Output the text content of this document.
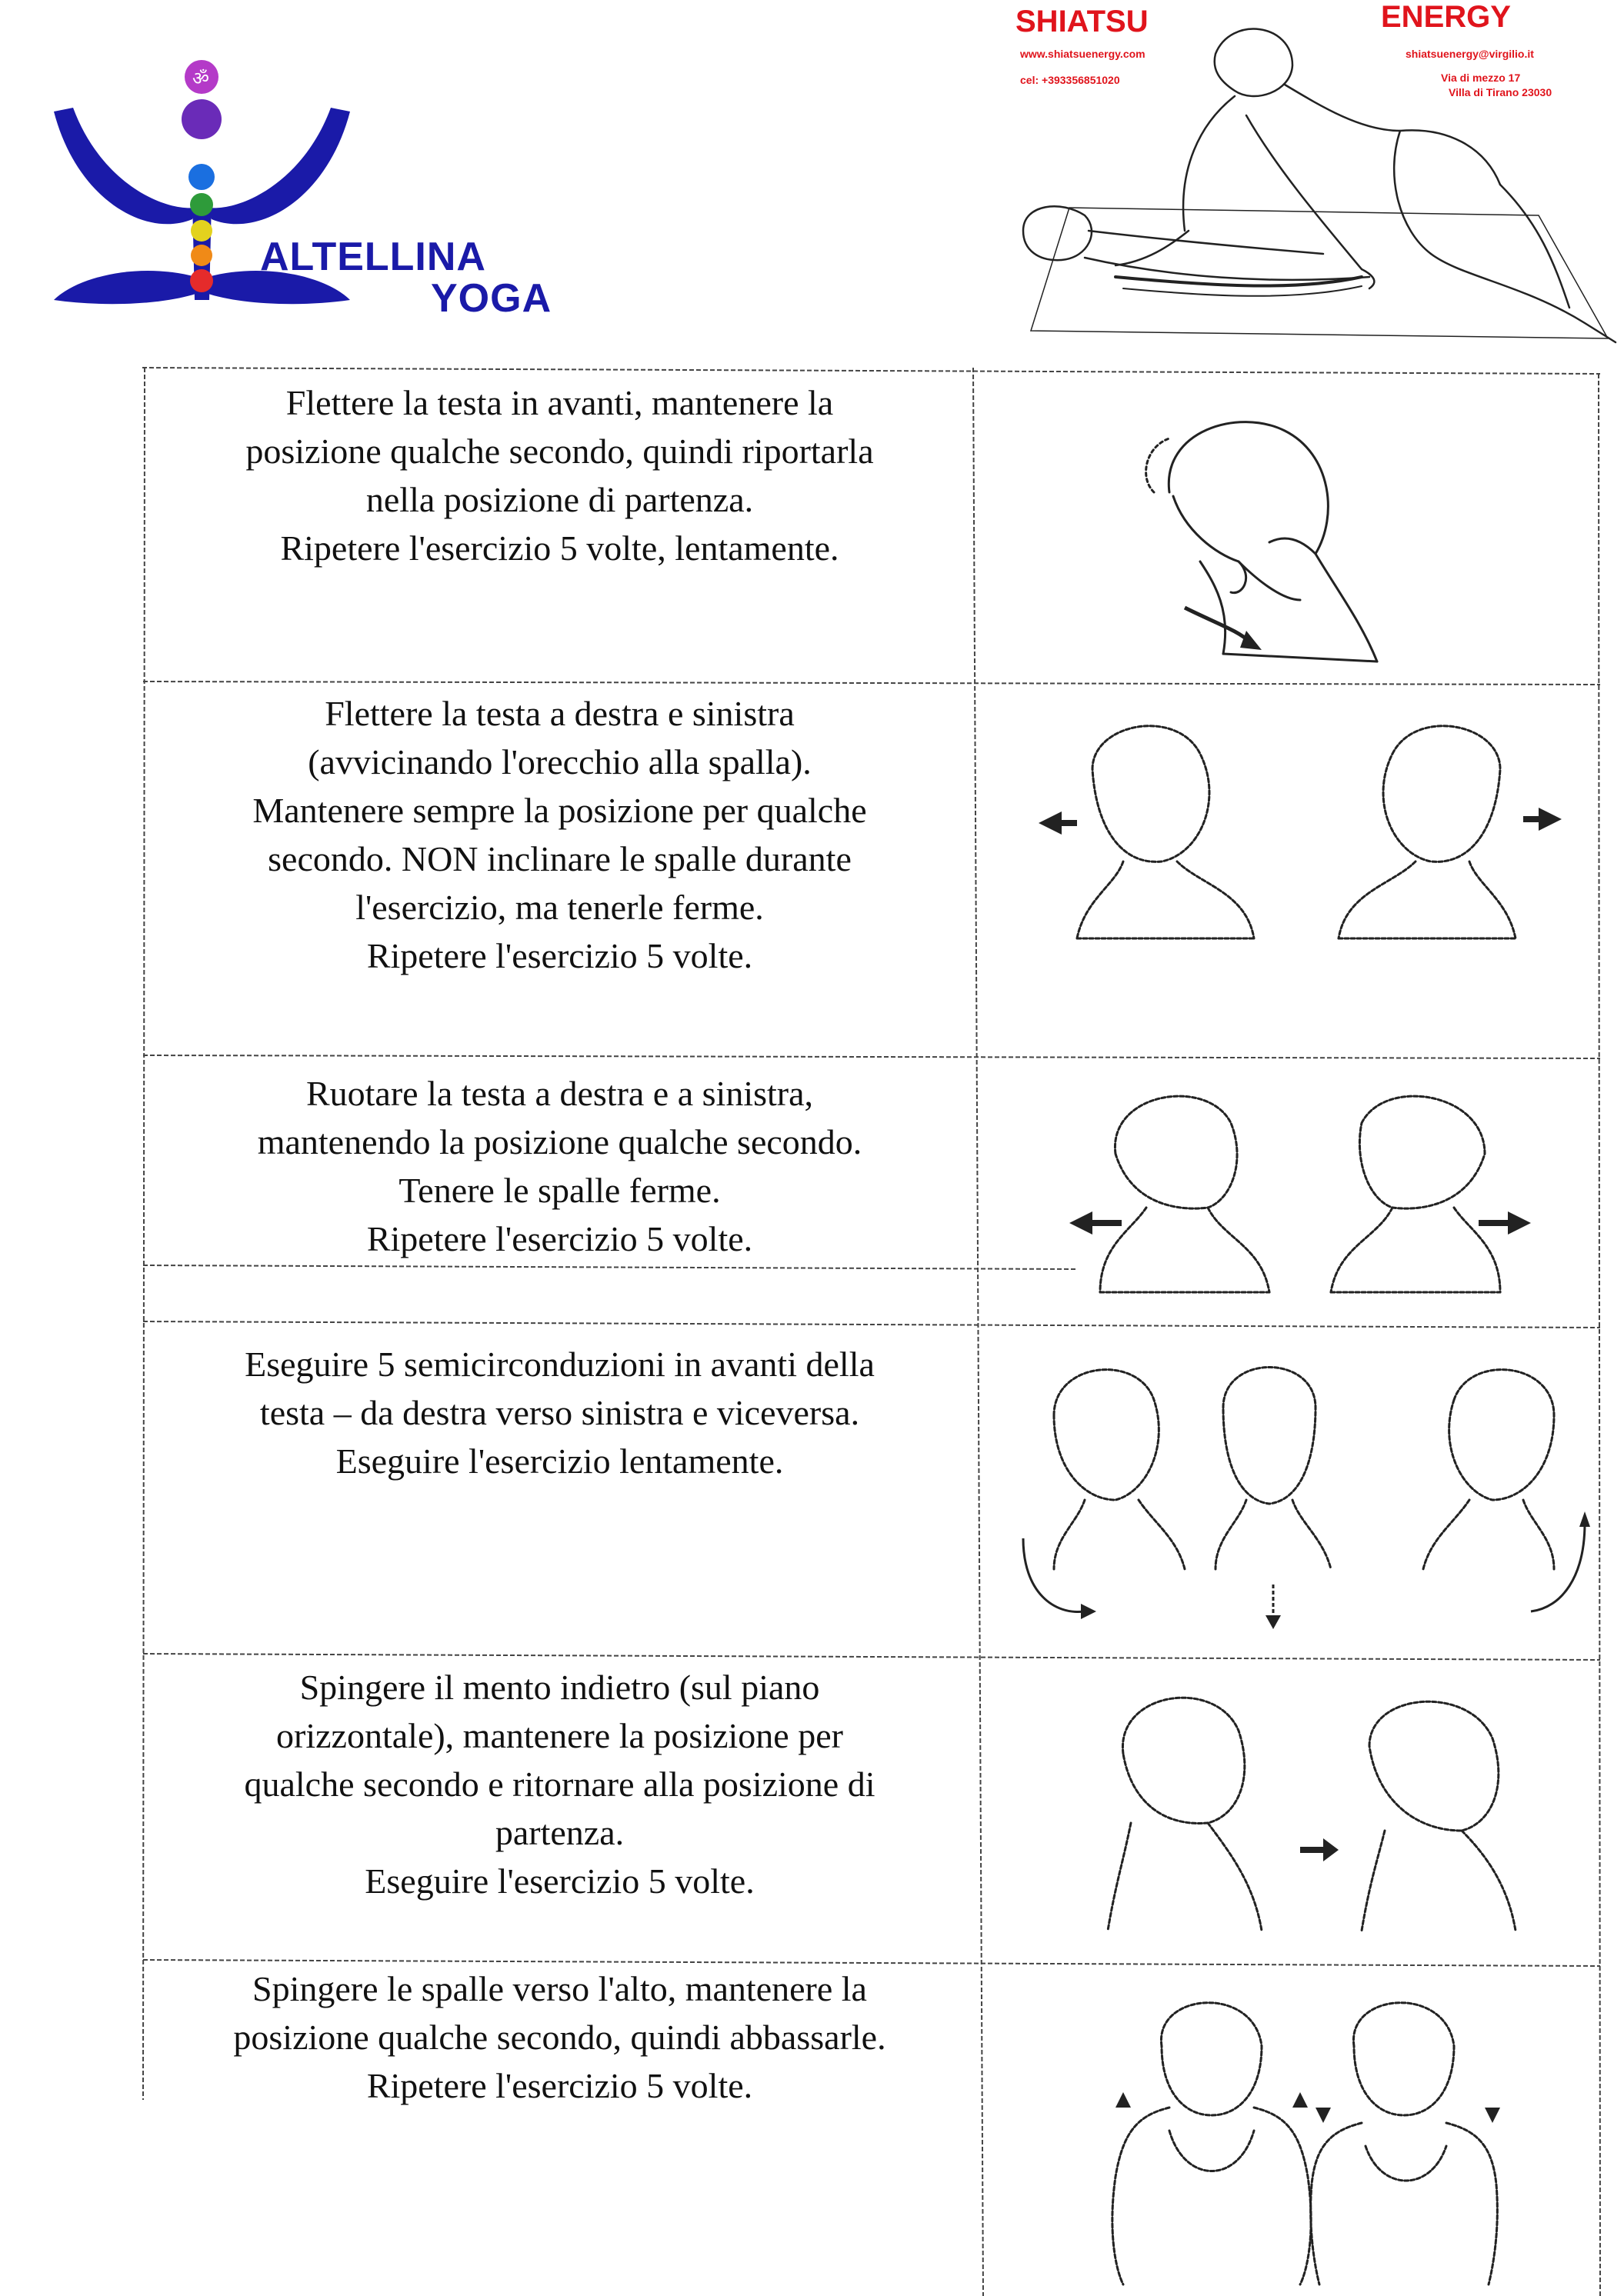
ॐ
ALTELLINA
YOGA
SHIATSU	ENERGY
www.shiatsuenergy.com	shiatsuenergy@virgilio.it
cel: +393356851020	Via di mezzo 17
Villa di Tirano 23030
Flettere la testa in avanti, mantenere la
posizione qualche secondo, quindi riportarla
nella posizione di partenza.
Ripetere l'esercizio 5 volte, lentamente.
Flettere la testa a destra e sinistra
(avvicinando l'orecchio alla spalla).
Mantenere sempre la posizione per qualche
secondo. NON inclinare le spalle durante
l'esercizio, ma tenerle ferme.
Ripetere l'esercizio 5 volte.
Ruotare la testa a destra e a sinistra,
mantenendo la posizione qualche secondo.
Tenere le spalle ferme.
Ripetere l'esercizio 5 volte.
Eseguire 5 semicirconduzioni in avanti della
testa – da destra verso sinistra e viceversa.
Eseguire l'esercizio lentamente.
Spingere il mento indietro (sul piano
orizzontale), mantenere la posizione per
qualche secondo e ritornare alla posizione di
partenza.
Eseguire l'esercizio 5 volte.
Spingere le spalle verso l'alto, mantenere la
posizione qualche secondo, quindi abbassarle.
Ripetere l'esercizio 5 volte.
